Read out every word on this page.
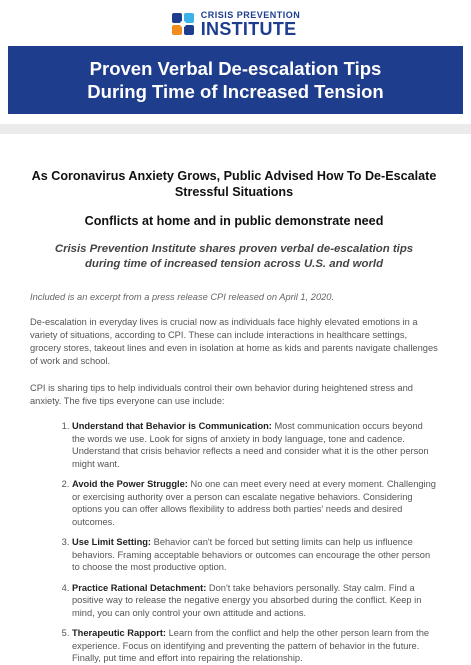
CRISIS PREVENTION
INSTITUTE
Proven Verbal De-escalation Tips
During Time of Increased Tension
As Coronavirus Anxiety Grows, Public Advised How To De-Escalate Stressful Situations
Conflicts at home and in public demonstrate need
Crisis Prevention Institute shares proven verbal de-escalation tips during time of increased tension across U.S. and world
Included is an excerpt from a press release CPI released on April 1, 2020.
De-escalation in everyday lives is crucial now as individuals face highly elevated emotions in a variety of situations, according to CPI. These can include interactions in healthcare settings, grocery stores, takeout lines and even in isolation at home as kids and parents navigate challenges of work and school.
CPI is sharing tips to help individuals control their own behavior during heightened stress and anxiety. The five tips everyone can use include:
1. Understand that Behavior is Communication: Most communication occurs beyond the words we use. Look for signs of anxiety in body language, tone and cadence. Understand that crisis behavior reflects a need and consider what it is the other person might want.
2. Avoid the Power Struggle: No one can meet every need at every moment. Challenging or exercising authority over a person can escalate negative behaviors. Considering options you can offer allows flexibility to address both parties' needs and desired outcomes.
3. Use Limit Setting: Behavior can't be forced but setting limits can help us influence behaviors. Framing acceptable behaviors or outcomes can encourage the other person to choose the most productive option.
4. Practice Rational Detachment: Don't take behaviors personally. Stay calm. Find a positive way to release the negative energy you absorbed during the conflict. Keep in mind, you can only control your own attitude and actions.
5. Therapeutic Rapport: Learn from the conflict and help the other person learn from the experience. Focus on identifying and preventing the pattern of behavior in the future. Finally, put time and effort into repairing the relationship.
